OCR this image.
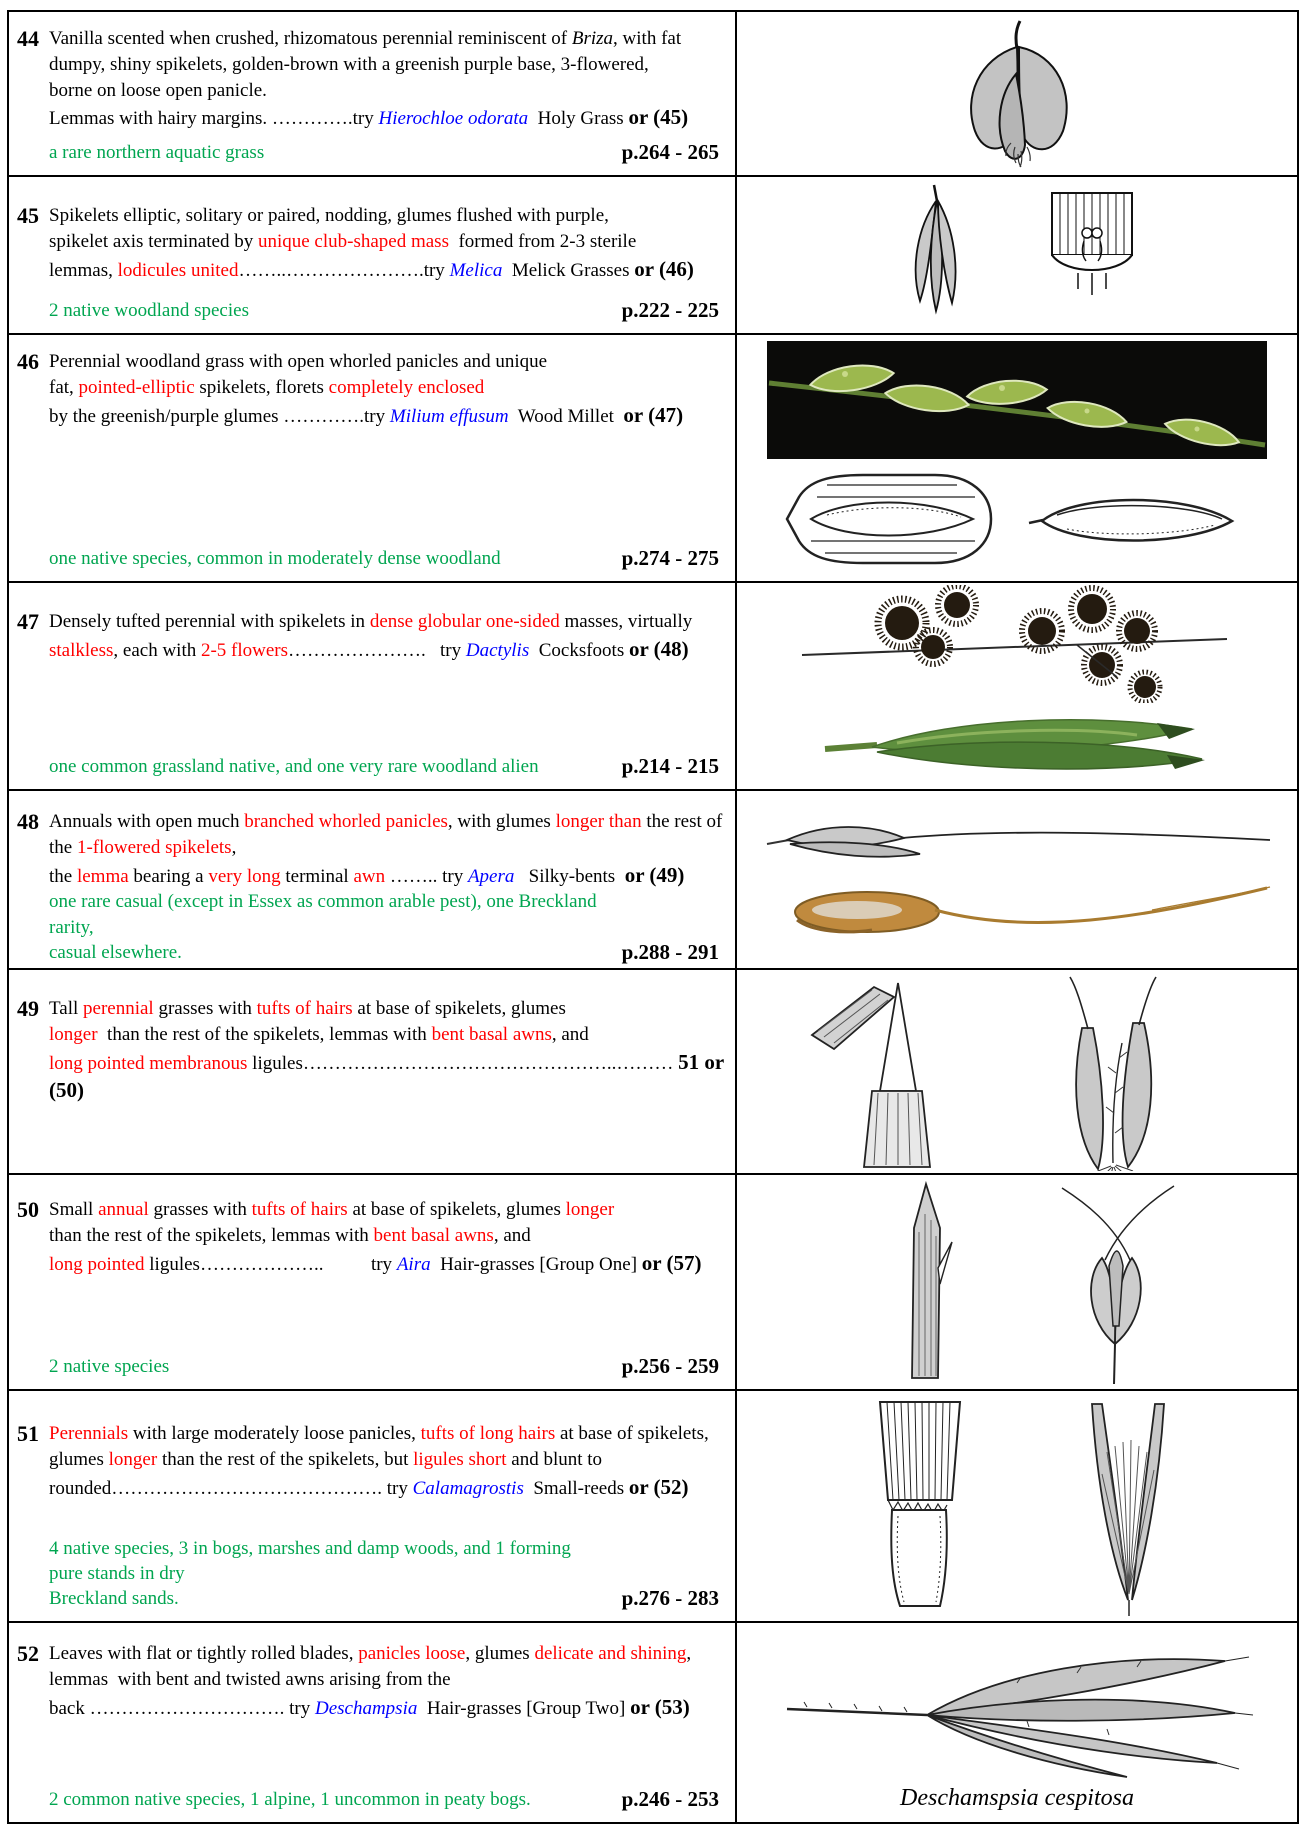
44 Vanilla scented when crushed, rhizomatous perennial reminiscent of Briza, with fat
dumpy, shiny spikelets, golden-brown with a greenish purple base, 3-flowered,
borne on loose open panicle.
Lemmas with hairy margins. ………….try Hierochloe odorata  Holy Grass or (45)
a rare northern aquatic grass	p.264 - 265

45 Spikelets elliptic, solitary or paired, nodding, glumes flushed with purple,
spikelet axis terminated by unique club-shaped mass  formed from 2-3 sterile
lemmas, lodicules united……..………………….try Melica  Melick Grasses or (46)
2 native woodland species	p.222 - 225

46 Perennial woodland grass with open whorled panicles and unique
fat, pointed-elliptic spikelets, florets completely enclosed
by the greenish/purple glumes ………….try Milium effusum  Wood Millet  or (47)
one native species, common in moderately dense woodland	p.274 - 275

47 Densely tufted perennial with spikelets in dense globular one-sided masses, virtually
stalkless, each with 2-5 flowers………………….   try Dactylis  Cocksfoots or (48)
one common grassland native, and one very rare woodland alien p.214 - 215

48 Annuals with open much branched whorled panicles, with glumes longer than the rest of
the 1-flowered spikelets,
the lemma bearing a very long terminal awn …….. try Apera   Silky-bents  or (49)
one rare casual (except in Essex as common arable pest), one Breckland rarity,
casual elsewhere.	p.288 - 291

49 Tall perennial grasses with tufts of hairs at base of spikelets, glumes
longer  than the rest of the spikelets, lemmas with bent basal awns, and
long pointed membranous ligules…………………………………………..……… 51 or (50)

50 Small annual grasses with tufts of hairs at base of spikelets, glumes longer
than the rest of the spikelets, lemmas with bent basal awns, and
long pointed ligules………………..          try Aira  Hair-grasses [Group One] or (57)
2 native species	p.256 - 259

51 Perennials with large moderately loose panicles, tufts of long hairs at base of spikelets,
glumes longer than the rest of the spikelets, but ligules short and blunt to
rounded……………………………………. try Calamagrostis  Small-reeds or (52)
4 native species, 3 in bogs, marshes and damp woods, and 1 forming pure stands in dry
Breckland sands.	p.276 - 283

52 Leaves with flat or tightly rolled blades, panicles loose, glumes delicate and shining,
lemmas  with bent and twisted awns arising from the
back …………………………. try Deschampsia  Hair-grasses [Group Two] or (53)
2 common native species, 1 alpine, 1 uncommon in peaty bogs.	p.246 - 253	Deschamspsia cespitosa
